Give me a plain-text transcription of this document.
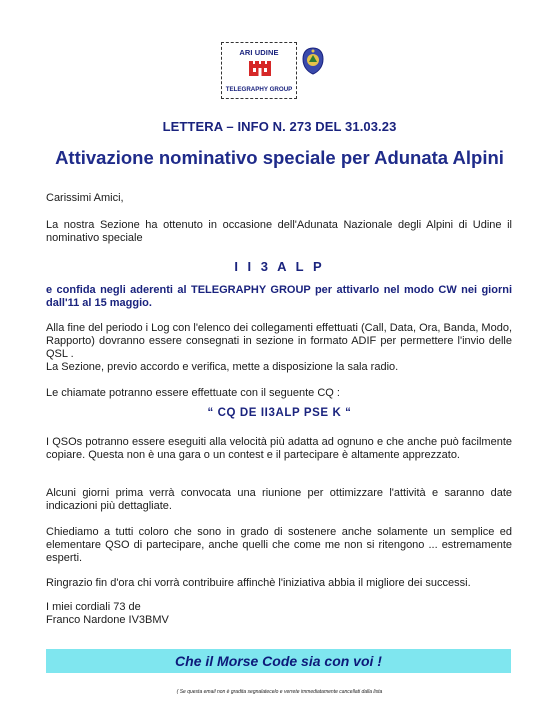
ARI UDINE
TELEGRAPHY GROUP
LETTERA – INFO N. 273 DEL 31.03.23
Attivazione nominativo speciale per Adunata Alpini
Carissimi Amici,
La nostra Sezione ha ottenuto in occasione dell'Adunata Nazionale degli Alpini di Udine il nominativo speciale
I I 3 A L P
e confida negli aderenti al TELEGRAPHY GROUP per attivarlo nel modo CW nei giorni dall'11 al 15 maggio.
Alla fine del periodo i Log con l'elenco dei collegamenti effettuati (Call, Data, Ora, Banda, Modo, Rapporto) dovranno essere consegnati in sezione in formato ADIF per permettere l'invio delle QSL .
La Sezione, previo accordo e verifica, mette a disposizione la sala radio.
Le chiamate potranno essere effettuate con il seguente CQ :
“ CQ DE II3ALP PSE K “
I QSOs potranno essere eseguiti alla velocità più adatta ad ognuno e che anche può facilmente copiare. Questa non è una gara o un contest e il partecipare è altamente apprezzato.
Alcuni giorni prima verrà convocata una riunione per ottimizzare l'attività e saranno date indicazioni più dettagliate.
Chiediamo a tutti coloro che sono in grado di sostenere anche solamente un semplice ed elementare QSO di partecipare, anche quelli che come me non si ritengono ... estremamente esperti.
Ringrazio fin d'ora chi vorrà contribuire affinchè l'iniziativa abbia il migliore dei successi.
I miei cordiali 73 de
Franco Nardone IV3BMV
Che il Morse Code sia con voi !
( Se questa email non è gradita segnalatecelo e verrete immediatamente cancellati dalla lista
